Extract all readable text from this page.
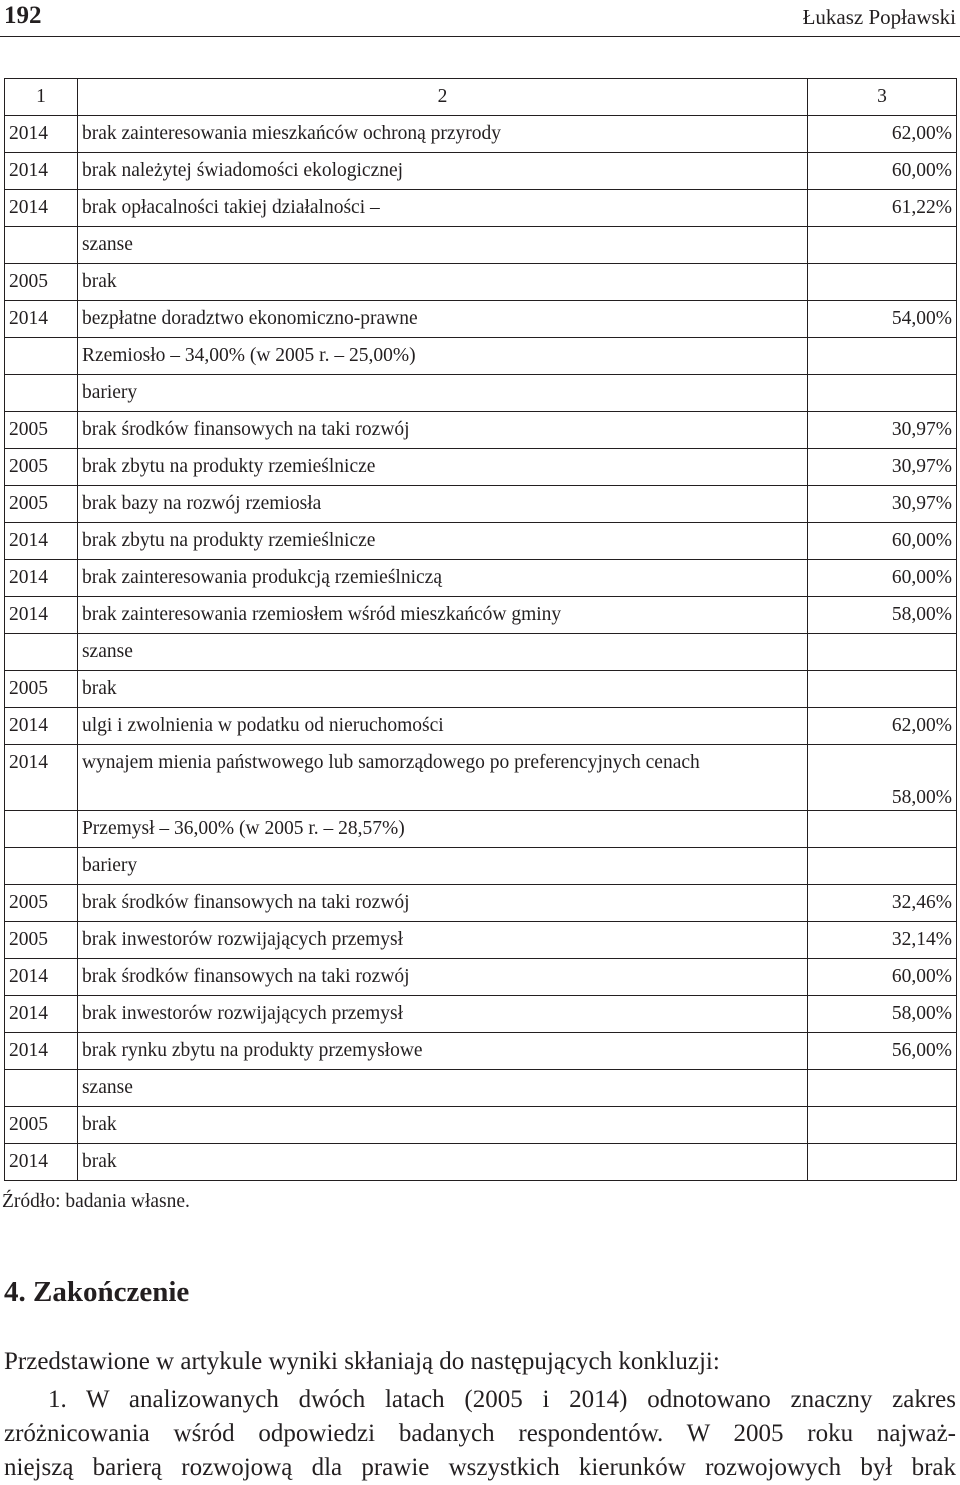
192	Łukasz Popławski
1	2	3
2014	brak zainteresowania mieszkańców ochroną przyrody	62,00%
2014	brak należytej świadomości ekologicznej	60,00%
2014	brak opłacalności takiej działalności –	61,22%
	szanse	
2005	brak	
2014	bezpłatne doradztwo ekonomiczno-prawne	54,00%
	Rzemiosło – 34,00% (w 2005 r. – 25,00%)	
	bariery	
2005	brak środków finansowych na taki rozwój	30,97%
2005	brak zbytu na produkty rzemieślnicze	30,97%
2005	brak bazy na rozwój rzemiosła	30,97%
2014	brak zbytu na produkty rzemieślnicze	60,00%
2014	brak zainteresowania produkcją rzemieślniczą	60,00%
2014	brak zainteresowania rzemiosłem wśród mieszkańców gminy	58,00%
	szanse	
2005	brak	
2014	ulgi i zwolnienia w podatku od nieruchomości	62,00%
2014	wynajem mienia państwowego lub samorządowego po preferencyjnych cenach	58,00%
	Przemysł – 36,00% (w 2005 r. – 28,57%)	
	bariery	
2005	brak środków finansowych na taki rozwój	32,46%
2005	brak inwestorów rozwijających przemysł	32,14%
2014	brak środków finansowych na taki rozwój	60,00%
2014	brak inwestorów rozwijających przemysł	58,00%
2014	brak rynku zbytu na produkty przemysłowe	56,00%
	szanse	
2005	brak	
2014	brak	
Źródło: badania własne.
4. Zakończenie
Przedstawione w artykule wyniki skłaniają do następujących konkluzji:
1. W analizowanych dwóch latach (2005 i 2014) odnotowano znaczny zakres
zróżnicowania wśród odpowiedzi badanych respondentów. W 2005 roku najważ-
niejszą barierą rozwojową dla prawie wszystkich kierunków rozwojowych był brak
